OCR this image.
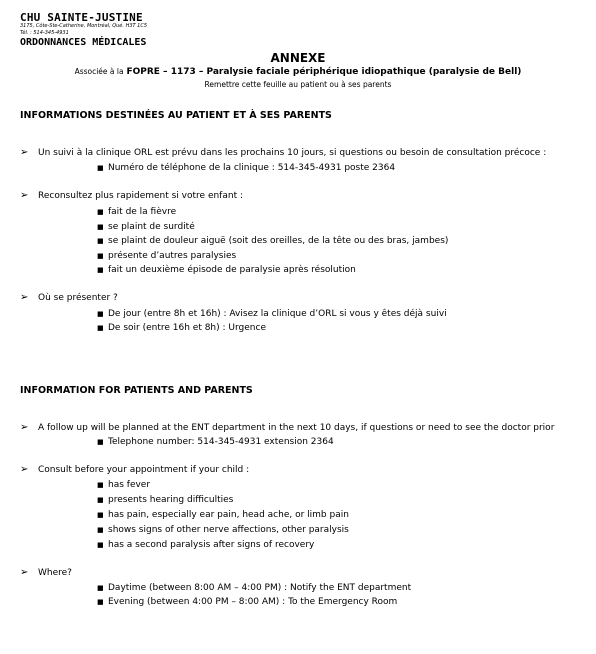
CHU SAINTE-JUSTINE
3175, Côte-Ste-Catherine, Montréal, Qué. H3T 1C5
Tél. : 514-345-4931
ORDONNANCES MÉDICALES
ANNEXE
Associée à la FOPRE – 1173 – Paralysie faciale périphérique idiopathique (paralysie de Bell)
Remettre cette feuille au patient ou à ses parents
INFORMATIONS DESTINÉES AU PATIENT ET À SES PARENTS
➢	Un suivi à la clinique ORL est prévu dans les prochains 10 jours, si questions ou besoin de consultation précoce :
■ Numéro de téléphone de la clinique : 514-345-4931 poste 2364
➢	Reconsultez plus rapidement si votre enfant :
■ fait de la fièvre
■ se plaint de surdité
■ se plaint de douleur aiguë (soit des oreilles, de la tête ou des bras, jambes)
■ présente d’autres paralysies
■ fait un deuxième épisode de paralysie après résolution
➢	Où se présenter ?
■ De jour (entre 8h et 16h) : Avisez la clinique d’ORL si vous y êtes déjà suivi
■ De soir (entre 16h et 8h) : Urgence
INFORMATION FOR PATIENTS AND PARENTS
➢	A follow up will be planned at the ENT department in the next 10 days, if questions or need to see the doctor prior
■ Telephone number: 514-345-4931 extension 2364
➢	Consult before your appointment if your child :
■ has fever
■ presents hearing difficulties
■ has pain, especially ear pain, head ache, or limb pain
■ shows signs of other nerve affections, other paralysis
■ has a second paralysis after signs of recovery
➢	Where?
■ Daytime (between 8:00 AM – 4:00 PM) : Notify the ENT department
■ Evening (between 4:00 PM – 8:00 AM) : To the Emergency Room
